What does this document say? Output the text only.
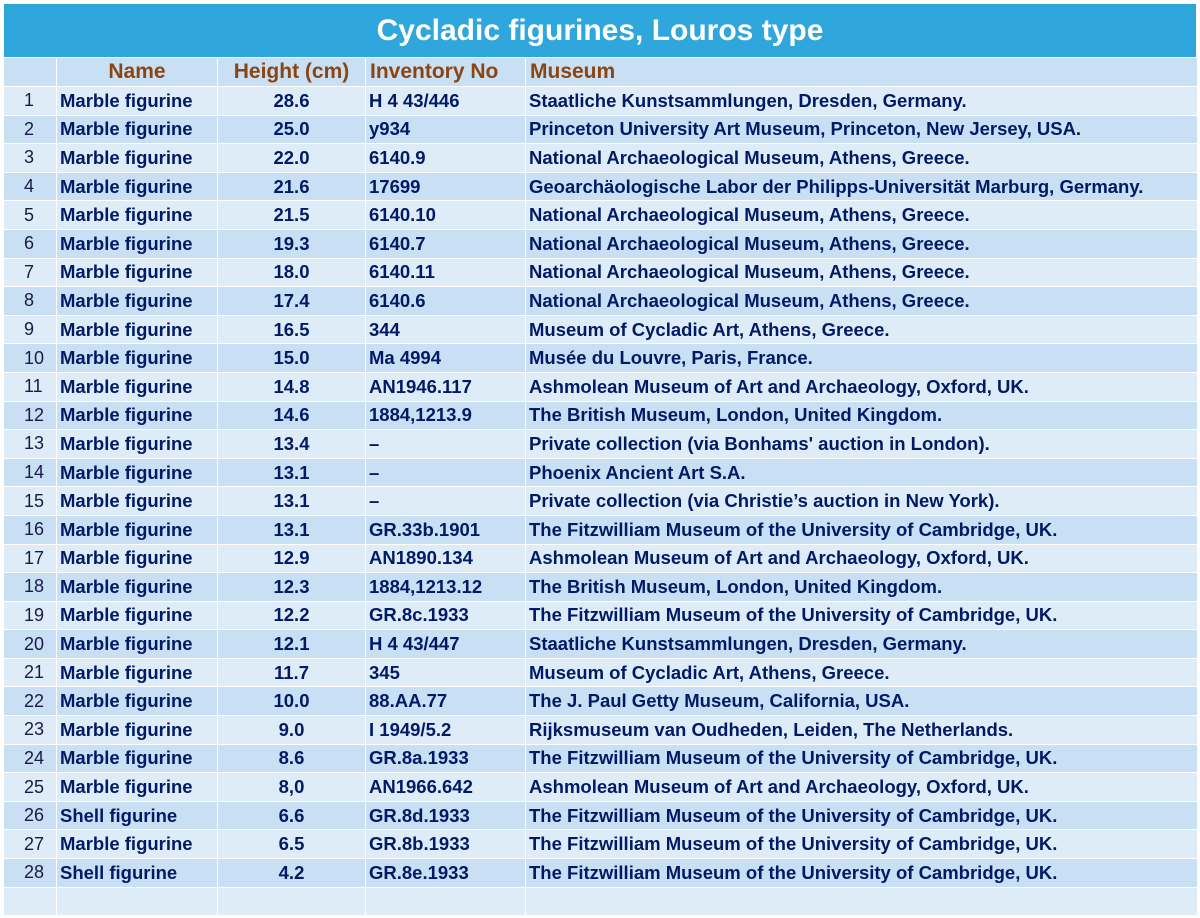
Cycladic figurines, Louros type
	Name	Height (cm)	Inventory No	Museum
1	Marble figurine	28.6	H 4 43/446	Staatliche Kunstsammlungen, Dresden, Germany.
2	Marble figurine	25.0	y934	Princeton University Art Museum, Princeton, New Jersey, USA.
3	Marble figurine	22.0	6140.9	National Archaeological Museum, Athens, Greece.
4	Marble figurine	21.6	17699	Geoarchäologische Labor der Philipps-Universität Marburg, Germany.
5	Marble figurine	21.5	6140.10	National Archaeological Museum, Athens, Greece.
6	Marble figurine	19.3	6140.7	National Archaeological Museum, Athens, Greece.
7	Marble figurine	18.0	6140.11	National Archaeological Museum, Athens, Greece.
8	Marble figurine	17.4	6140.6	National Archaeological Museum, Athens, Greece.
9	Marble figurine	16.5	344	Museum of Cycladic Art, Athens, Greece.
10	Marble figurine	15.0	Ma 4994	Musée du Louvre, Paris, France.
11	Marble figurine	14.8	AN1946.117	Ashmolean Museum of Art and Archaeology, Oxford, UK.
12	Marble figurine	14.6	1884,1213.9	The British Museum, London, United Kingdom.
13	Marble figurine	13.4	–	Private collection (via Bonhams' auction in London).
14	Marble figurine	13.1	–	Phoenix Ancient Art S.A.
15	Marble figurine	13.1	–	Private collection (via Christie’s auction in New York).
16	Marble figurine	13.1	GR.33b.1901	The Fitzwilliam Museum of the University of Cambridge, UK.
17	Marble figurine	12.9	AN1890.134	Ashmolean Museum of Art and Archaeology, Oxford, UK.
18	Marble figurine	12.3	1884,1213.12	The British Museum, London, United Kingdom.
19	Marble figurine	12.2	GR.8c.1933	The Fitzwilliam Museum of the University of Cambridge, UK.
20	Marble figurine	12.1	H 4 43/447	Staatliche Kunstsammlungen, Dresden, Germany.
21	Marble figurine	11.7	345	Museum of Cycladic Art, Athens, Greece.
22	Marble figurine	10.0	88.AA.77	The J. Paul Getty Museum, California, USA.
23	Marble figurine	9.0	I 1949/5.2	Rijksmuseum van Oudheden, Leiden, The Netherlands.
24	Marble figurine	8.6	GR.8a.1933	The Fitzwilliam Museum of the University of Cambridge, UK.
25	Marble figurine	8,0	AN1966.642	Ashmolean Museum of Art and Archaeology, Oxford, UK.
26	Shell figurine	6.6	GR.8d.1933	The Fitzwilliam Museum of the University of Cambridge, UK.
27	Marble figurine	6.5	GR.8b.1933	The Fitzwilliam Museum of the University of Cambridge, UK.
28	Shell figurine	4.2	GR.8e.1933	The Fitzwilliam Museum of the University of Cambridge, UK.
